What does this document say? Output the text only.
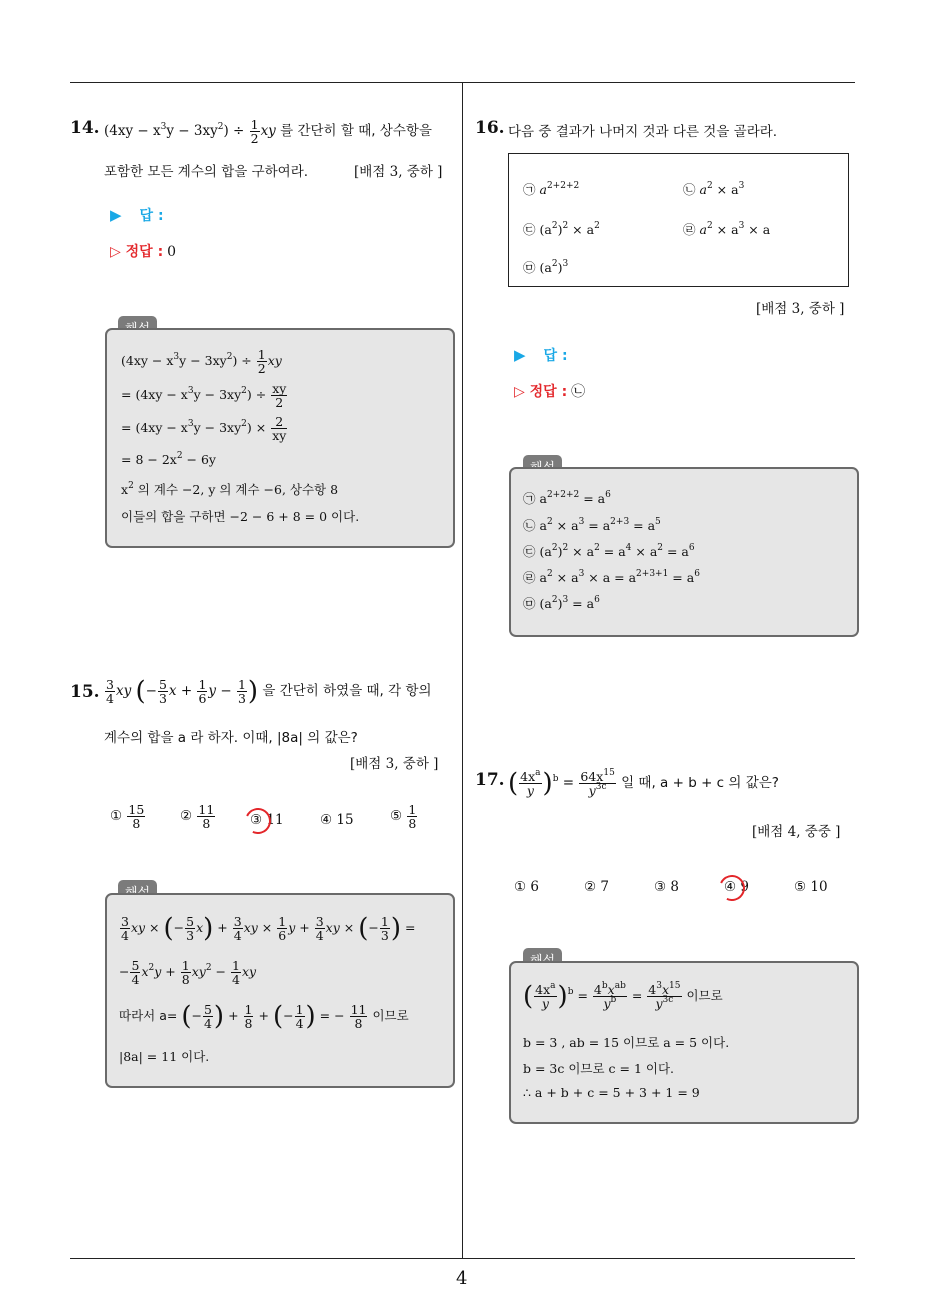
4
14. $(4xy - x^3y - 3xy^2) \div \frac{1}{2}$ xy 를 간단히 할 때, 상수항을
포함한 모든 계수의 합을 구하여라.	[배점 3, 중하 ]
▶ 답 :
▷ 정답 : 0
$(4xy - x^3y - 3xy^2) \div \frac{1}{2}$ xy
= $(4xy - x^3y - 3xy^2) \div \frac{xy}{2}$
= $(4xy - x^3y - 3xy^2) \times \frac{2}{xy}$
= $8 - 2x^2 - 6y$
$x^2$ 의 계수 −2, y 의 계수 −6, 상수항 8
이들의 합을 구하면 −2 − 6 + 8 = 0 이다.
15. $\frac{3}{4}$ xy (− $\frac{5}{3}$ $x + \frac{1}{6}$ $y - \frac{1}{3}$ ) 을 간단히 하였을 때, 각 항의
계수의 합을 a 라 하자. 이때, |8a| 의 값은?
[배점 3, 중하 ]
① $\frac{15}{8}$	② $\frac{11}{8}$	③ 11	④ 15	⑤ $\frac{1}{8}$
$\frac{3}{4}$ xy × (− $\frac{5}{3} x) + \frac{3}{4}$ xy × $\frac{1}{6}$ $y + \frac{3}{4}$ xy × (− $\frac{1}{3}$ ) =
− $\frac{5}{4} x^2y + \frac{1}{8} xy^2 - \frac{1}{4}$ xy
따라서 a= (− $\frac{5}{4}$ ) + $\frac{1}{8}$ + (− $\frac{1}{4}$ ) = − $\frac{11}{8}$ 이므로
|8a| = 11 이다.
16. 다음 중 결과가 나머지 것과 다른 것을 골라라.
㉠ $a^{2+2+2}$	㉡ $a^2 \times a^3$
㉢ $(a^2)^2 \times a^2$	㉣ $a^2 \times a^3 \times a$
㉤ $(a^2)^3$
[배점 3, 중하 ]
▶ 답 :
▷ 정답 : ㉡
㉠ $a^{2+2+2} = a^6$
㉡ $a^2 \times a^3 = a^{2+3} = a^5$
㉢ $(a^2)^2 \times a^2 = a^4 \times a^2 = a^6$
㉣ $a^2 \times a^3 \times a = a^{2+3+1} = a^6$
㉤ $(a^2)^3 = a^6$
17. ( $\frac{4x^a}{y} )^b = \frac{64x^{15}}{y^{3c}}$ 일 때, a + b + c 의 값은?
[배점 4, 중중 ]
① 6	② 7	③ 8	④ 9	⑤ 10
( $\frac{4x^a}{y} )^b = \frac{4^bx^{ab}}{y^b} = \frac{4^3x^{15}}{y^{3c}}$ 이므로
b = 3 , ab = 15 이므로 a = 5 이다.
b = 3c 이므로 c = 1 이다.
∴ a + b + c = 5 + 3 + 1 = 9
